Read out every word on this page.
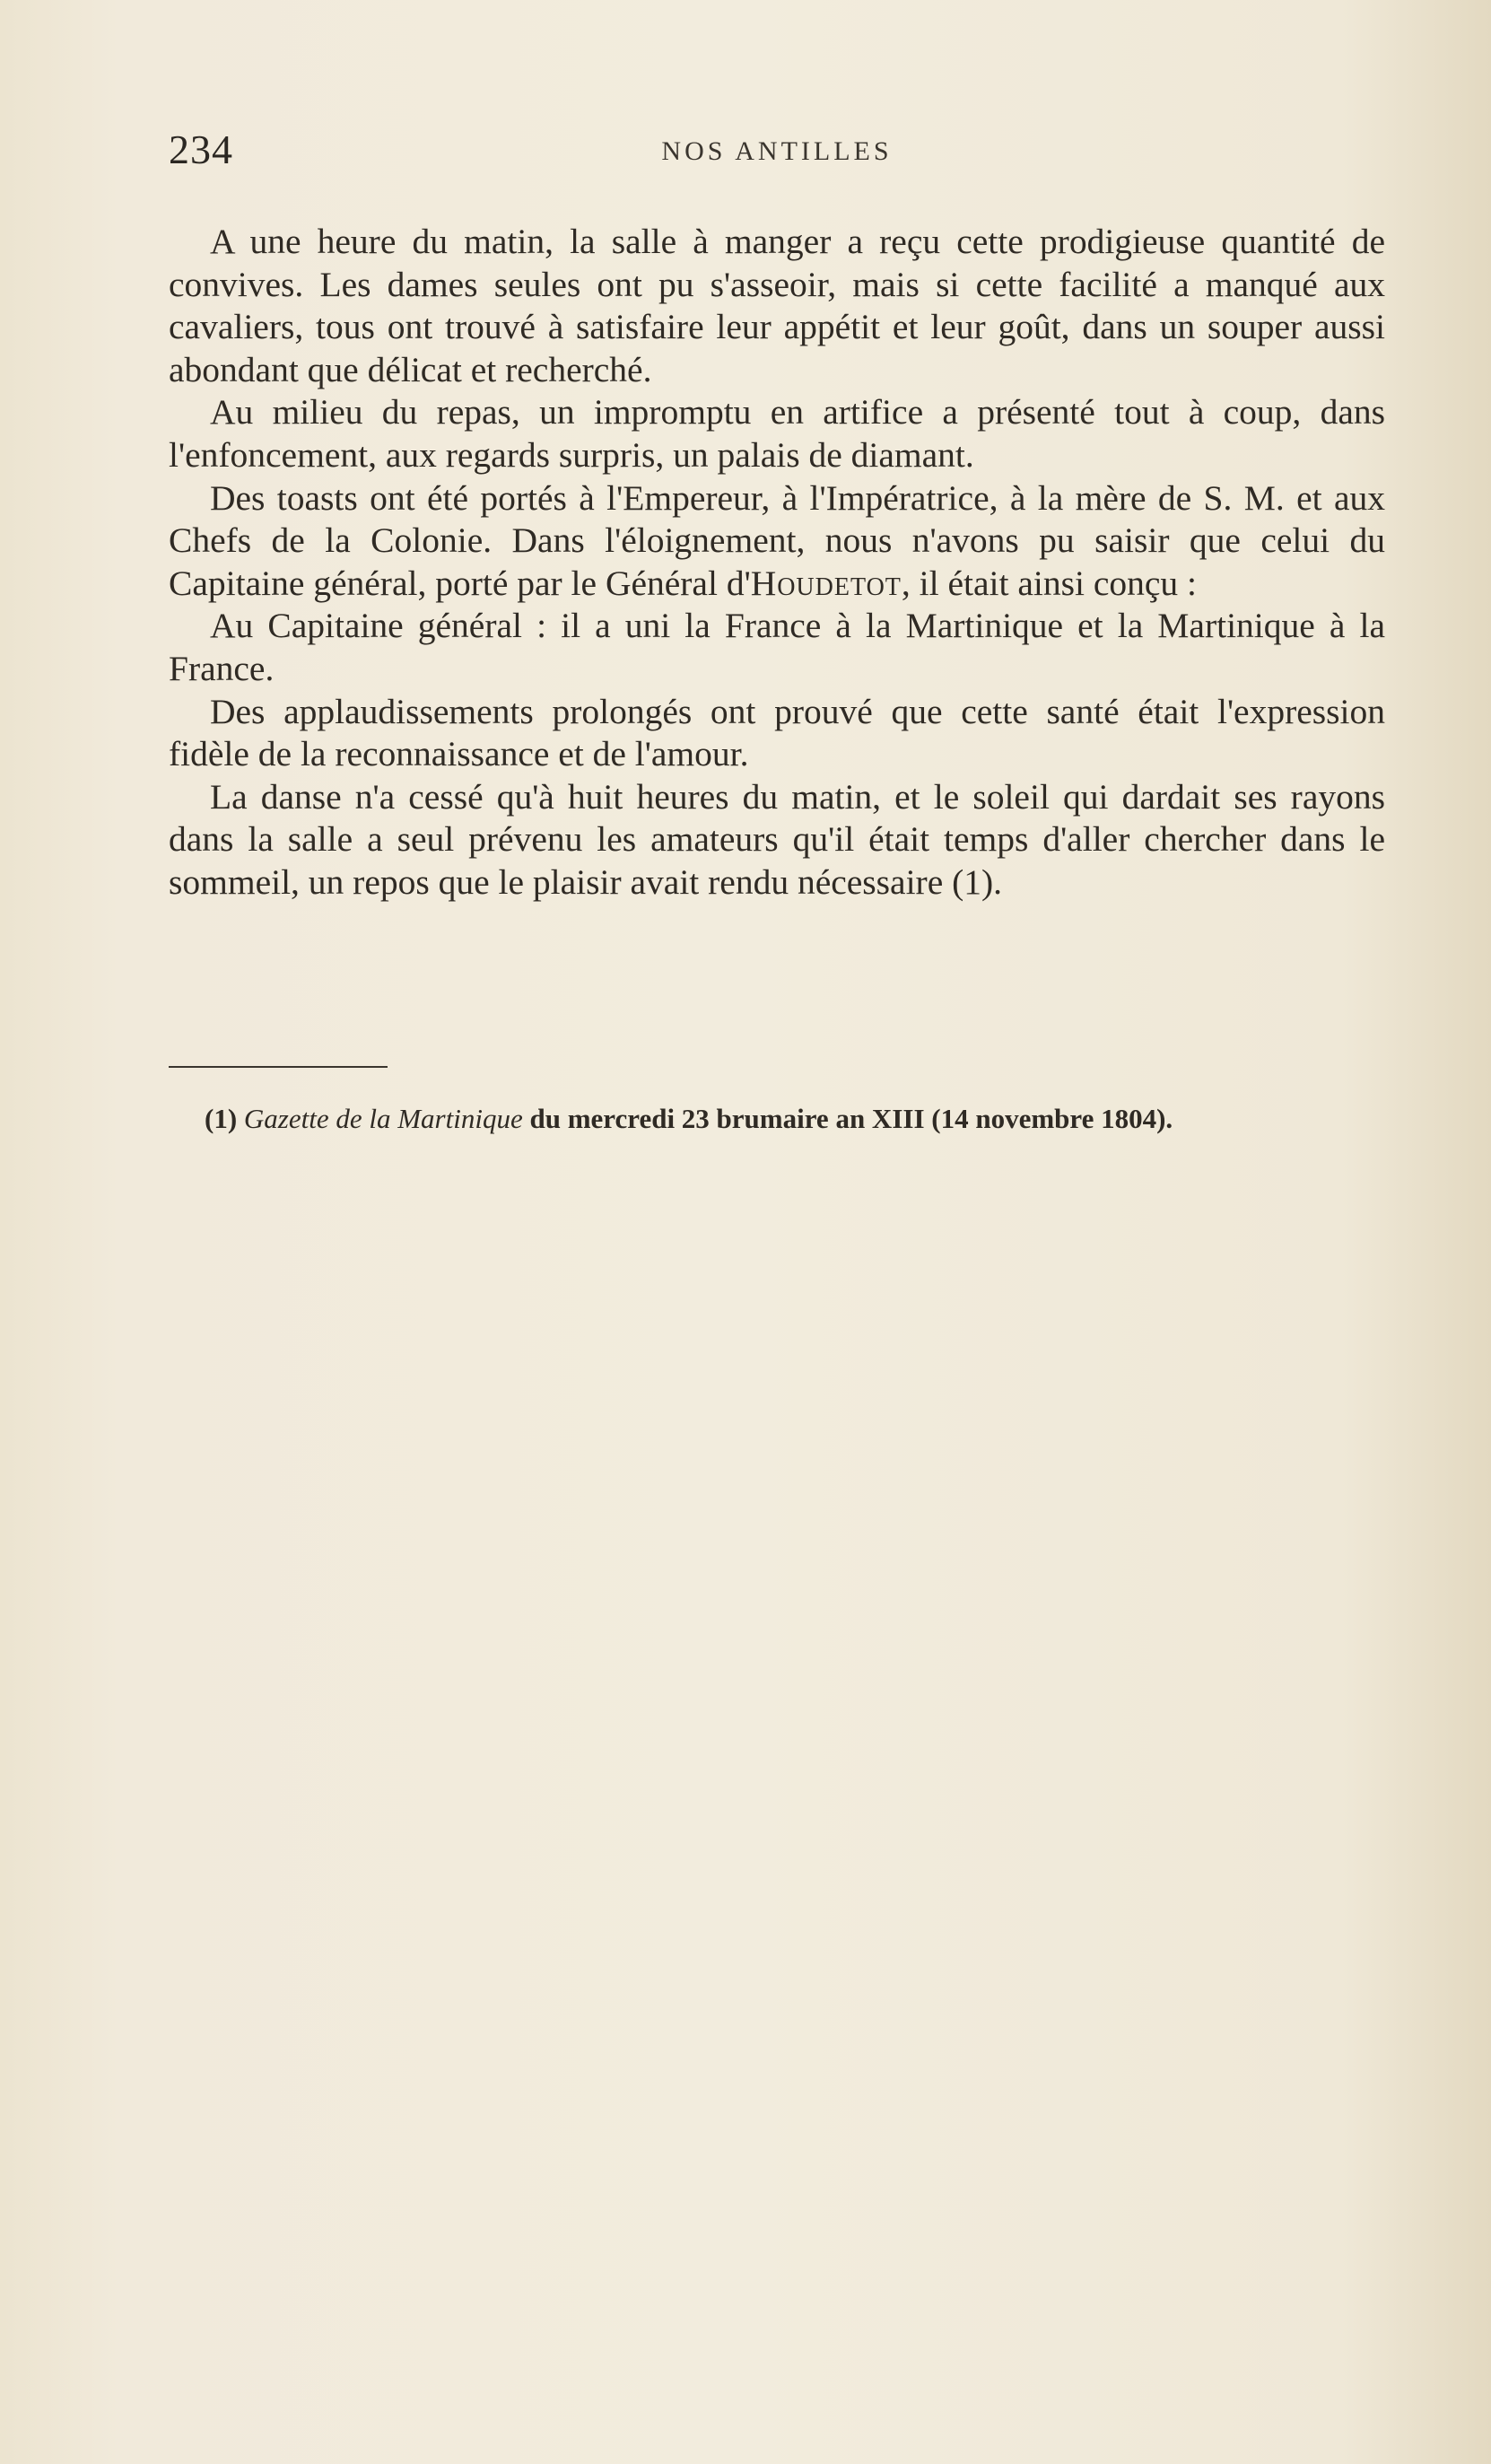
234	NOS ANTILLES

A une heure du matin, la salle à manger a reçu cette prodigieuse quantité de convives. Les dames seules ont pu s'asseoir, mais si cette facilité a manqué aux cavaliers, tous ont trouvé à satisfaire leur appétit et leur goût, dans un souper aussi abondant que délicat et recherché.

Au milieu du repas, un impromptu en artifice a présenté tout à coup, dans l'enfoncement, aux regards surpris, un palais de diamant.

Des toasts ont été portés à l'Empereur, à l'Impératrice, à la mère de S. M. et aux Chefs de la Colonie. Dans l'éloignement, nous n'avons pu saisir que celui du Capitaine général, porté par le Général d'Houdetot, il était ainsi conçu :

Au Capitaine général : il a uni la France à la Martinique et la Martinique à la France.

Des applaudissements prolongés ont prouvé que cette santé était l'expression fidèle de la reconnaissance et de l'amour.

La danse n'a cessé qu'à huit heures du matin, et le soleil qui dardait ses rayons dans la salle a seul prévenu les amateurs qu'il était temps d'aller chercher dans le sommeil, un repos que le plaisir avait rendu nécessaire (1).

(1) Gazette de la Martinique du mercredi 23 brumaire an XIII (14 novembre 1804).
